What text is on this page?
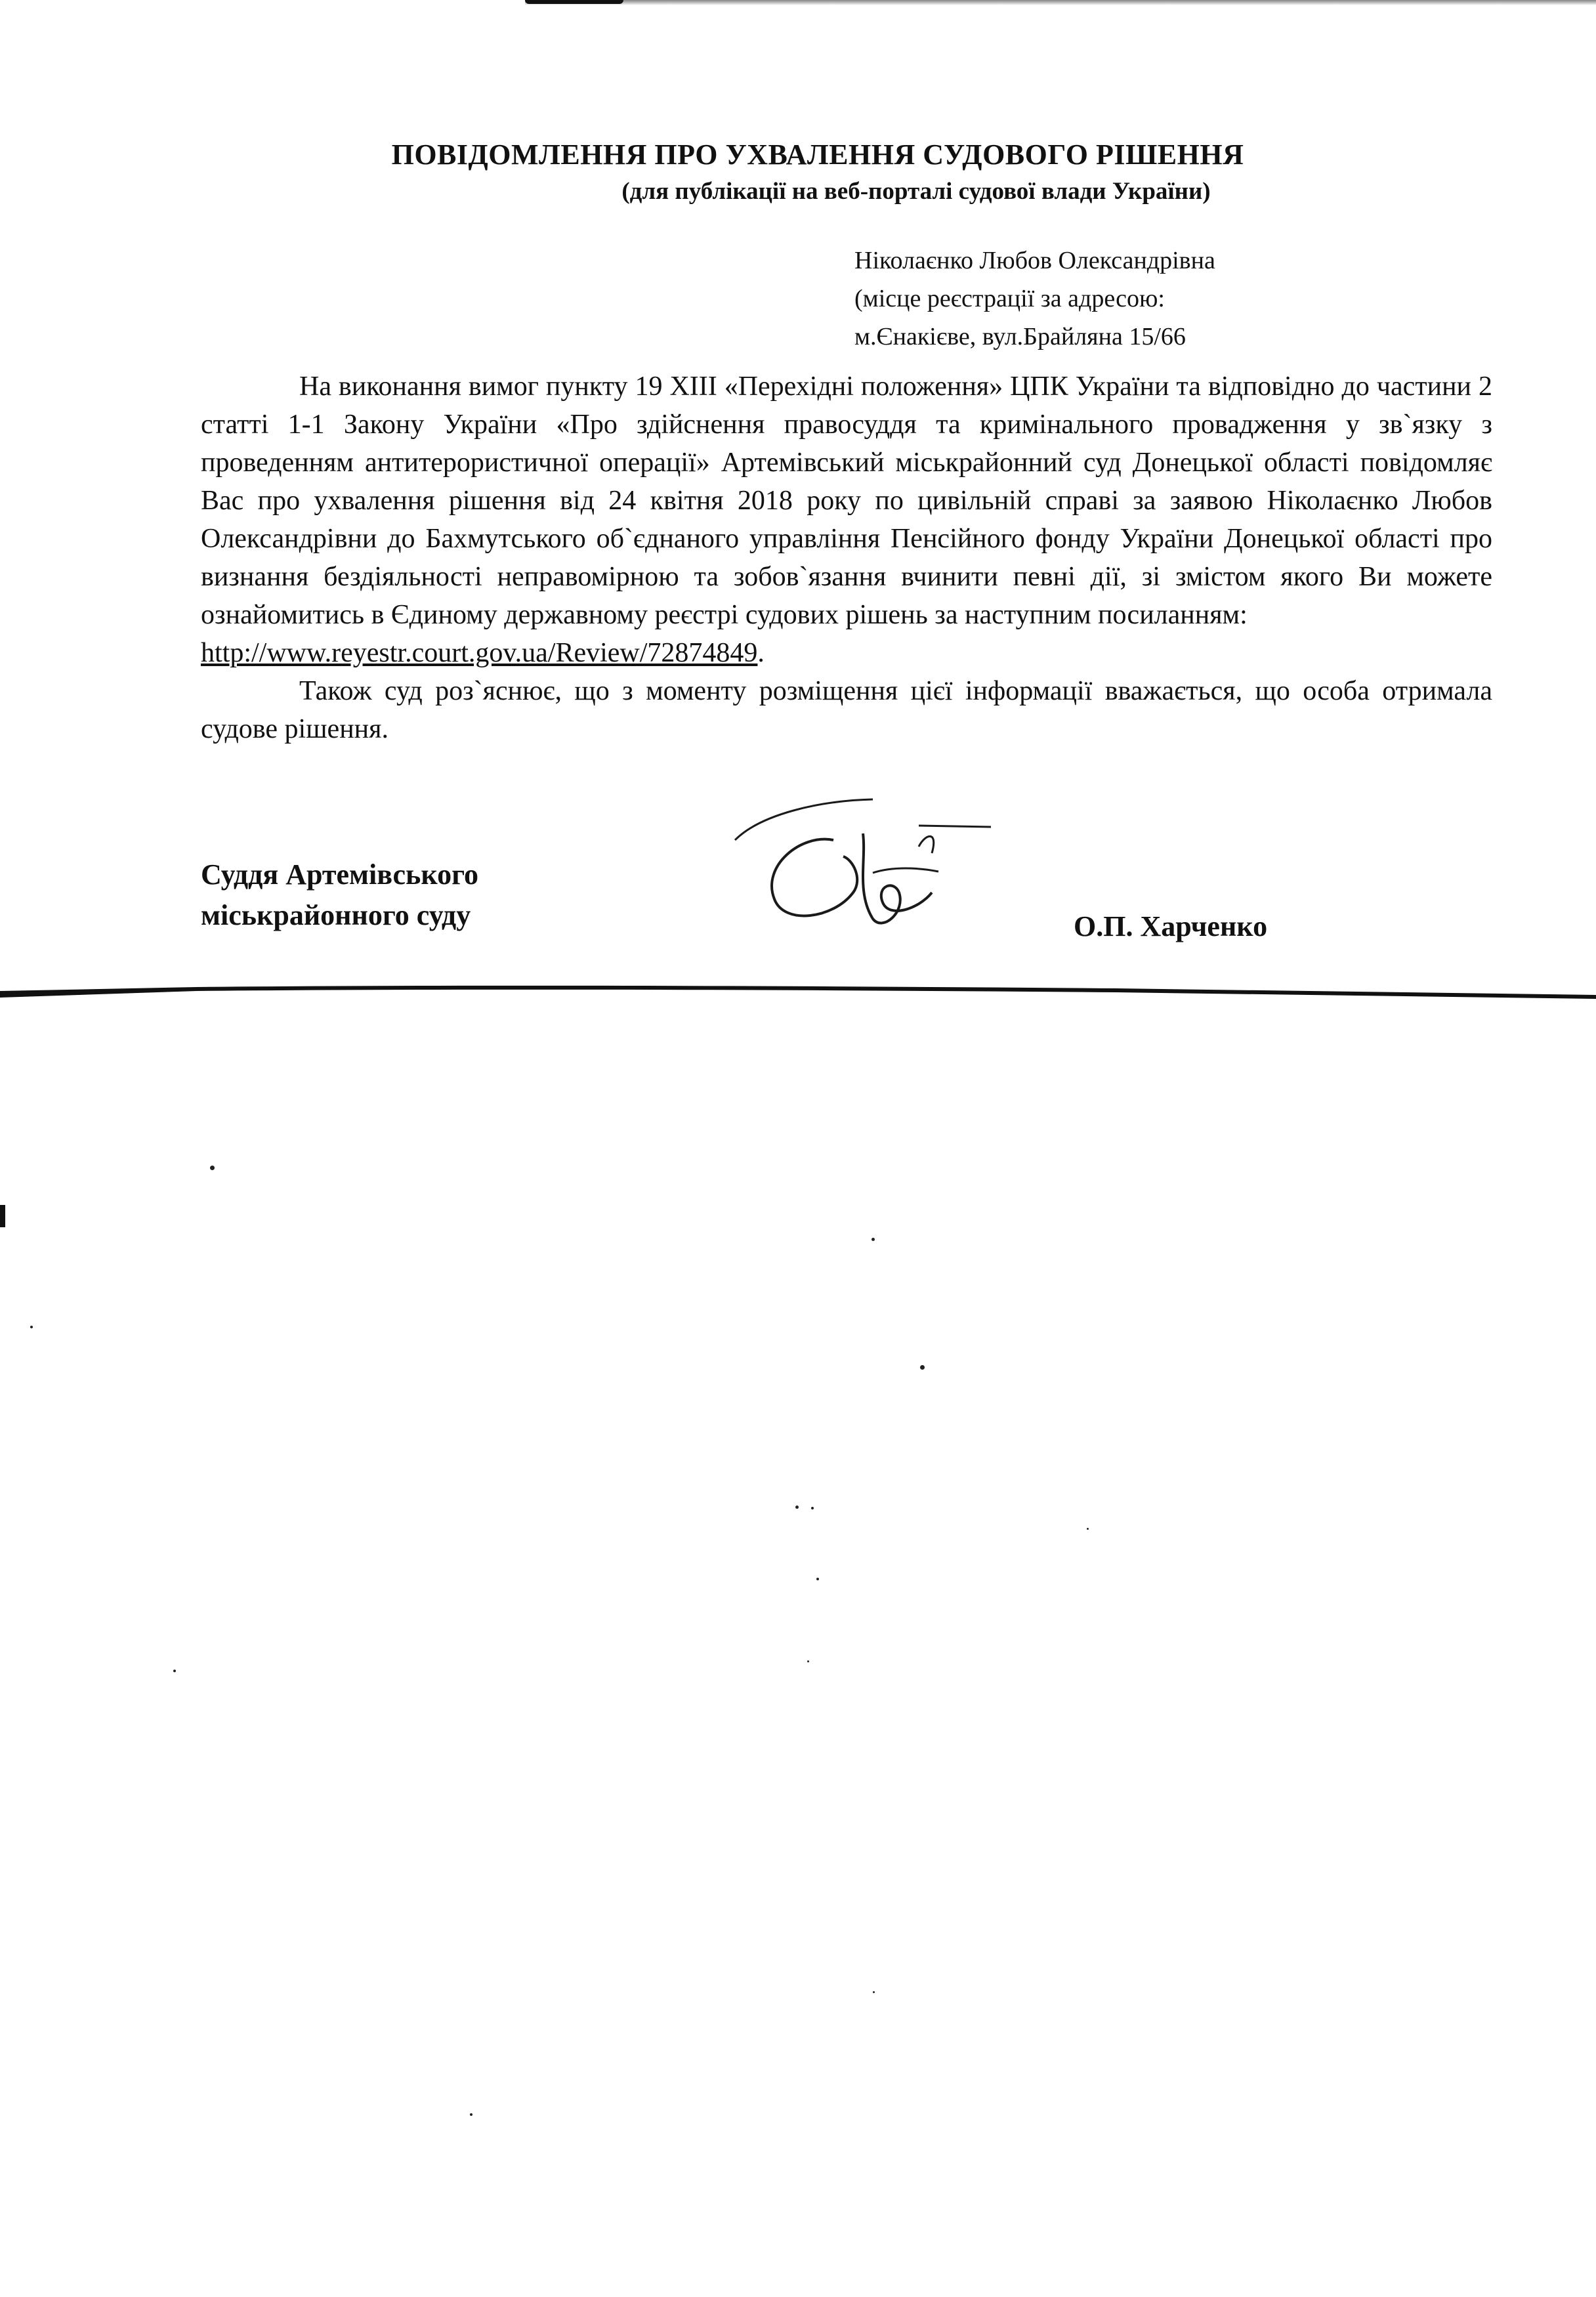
ПОВІДОМЛЕННЯ ПРО УХВАЛЕННЯ СУДОВОГО РІШЕННЯ
(для публікації на веб-порталі судової влади України)
Ніколаєнко Любов Олександрівна
(місце реєстрації за адресою:
м.Єнакієве, вул.Брайляна 15/66

На виконання вимог пункту 19 ХІІІ «Перехідні положення» ЦПК України та відповідно до частини 2 статті 1-1 Закону України «Про здійснення правосуддя та кримінального провадження у зв`язку з проведенням антитерористичної операції» Артемівський міськрайонний суд Донецької області повідомляє Вас про ухвалення рішення від 24 квітня 2018 року по цивільній справі за заявою Ніколаєнко Любов Олександрівни до Бахмутського об`єднаного управління Пенсійного фонду України Донецької області про визнання бездіяльності неправомірною та зобов`язання вчинити певні дії, зі змістом якого Ви можете ознайомитись в Єдиному державному реєстрі судових рішень за наступним посиланням:
http://www.reyestr.court.gov.ua/Review/72874849.

Також суд роз`яснює, що з моменту розміщення цієї інформації вважається, що особа отримала судове рішення.

Суддя Артемівського
міськрайонного суду	О.П. Харченко
